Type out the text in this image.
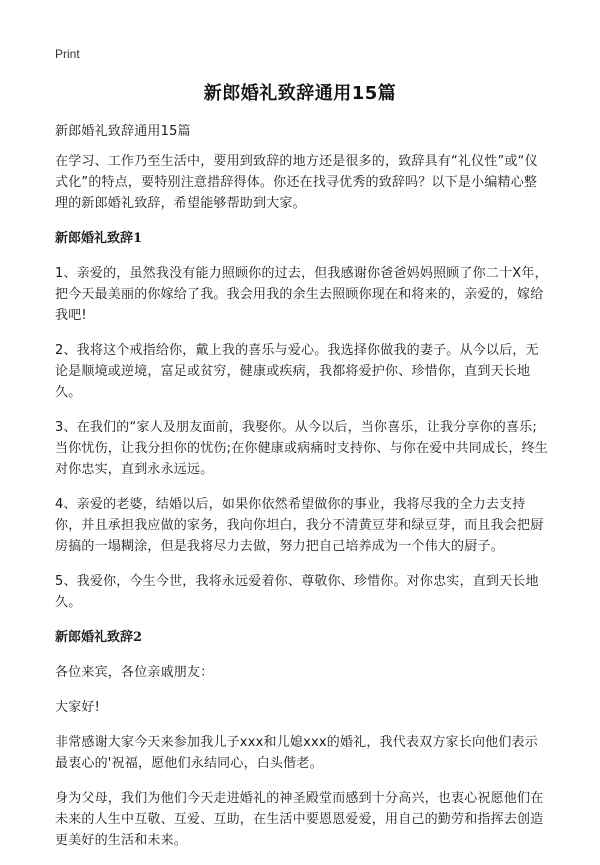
Print
新郎婚礼致辞通用15篇

新郎婚礼致辞通用15篇

在学习、工作乃至生活中，要用到致辞的地方还是很多的，致辞具有“礼仪性”或“仪式化”的特点，要特别注意措辞得体。你还在找寻优秀的致辞吗？以下是小编精心整理的新郎婚礼致辞，希望能够帮助到大家。

新郎婚礼致辞1

1、亲爱的，虽然我没有能力照顾你的过去，但我感谢你爸爸妈妈照顾了你二十X年，把今天最美丽的你嫁给了我。我会用我的余生去照顾你现在和将来的，亲爱的，嫁给我吧!

2、我将这个戒指给你，戴上我的喜乐与爱心。我选择你做我的妻子。从今以后，无论是顺境或逆境，富足或贫穷，健康或疾病，我都将爱护你、珍惜你，直到天长地久。

3、在我们的“家人及朋友面前，我娶你。从今以后，当你喜乐，让我分享你的喜乐;当你忧伤，让我分担你的忧伤;在你健康或病痛时支持你、与你在爱中共同成长，终生对你忠实，直到永永远远。

4、亲爱的老婆，结婚以后，如果你依然希望做你的事业，我将尽我的全力去支持你，并且承担我应做的家务，我向你坦白，我分不清黄豆芽和绿豆芽，而且我会把厨房搞的一塌糊涂，但是我将尽力去做，努力把自己培养成为一个伟大的厨子。

5、我爱你，今生今世，我将永远爱着你、尊敬你、珍惜你。对你忠实，直到天长地久。

新郎婚礼致辞2

各位来宾，各位亲戚朋友：

大家好!

非常感谢大家今天来参加我儿子xxx和儿媳xxx的婚礼，我代表双方家长向他们表示最衷心的'祝福，愿他们永结同心，白头偕老。

身为父母，我们为他们今天走进婚礼的神圣殿堂而感到十分高兴，也衷心祝愿他们在未来的人生中互敬、互爱、互助，在生活中要恩恩爱爱，用自己的勤劳和指挥去创造更美好的生活和未来。
